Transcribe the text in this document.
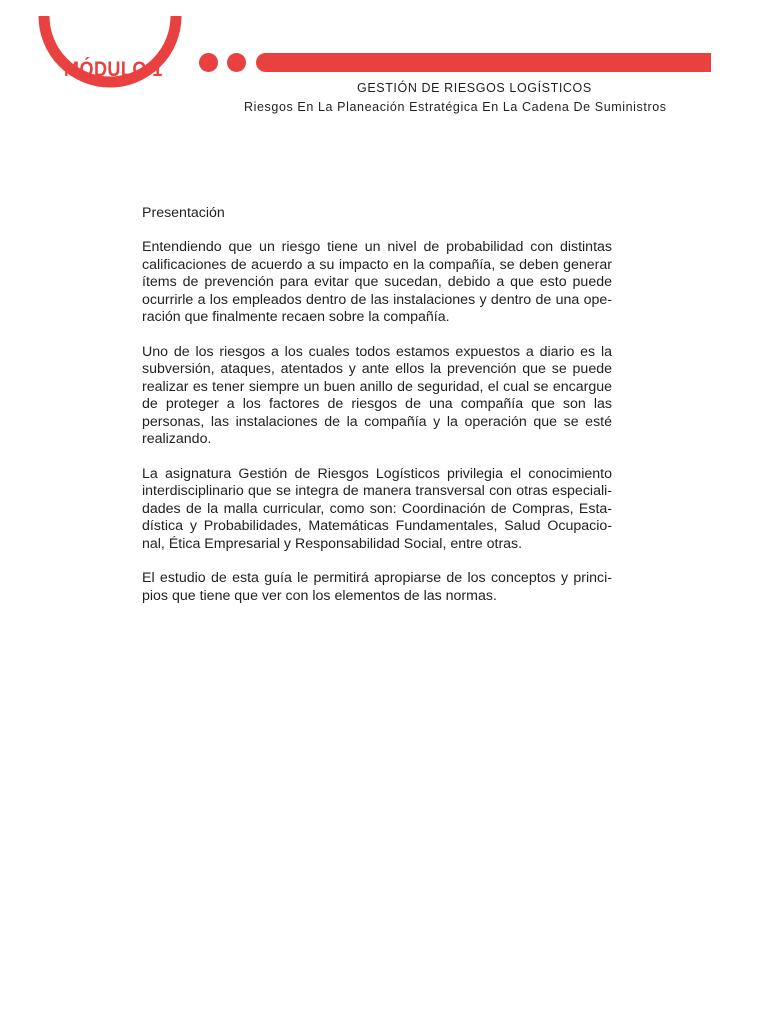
MÓDULO 1
GESTIÓN DE RIESGOS LOGÍSTICOS
Riesgos En La Planeación Estratégica En La Cadena De Suministros
Presentación

Entendiendo que un riesgo tiene un nivel de probabilidad con distintas calificaciones de acuerdo a su impacto en la compañía, se deben generar ítems de prevención para evitar que sucedan, debido a que esto puede ocurrirle a los empleados dentro de las instalaciones y dentro de una ope-ración que finalmente recaen sobre la compañía.

Uno de los riesgos a los cuales todos estamos expuestos a diario es la subversión, ataques, atentados y ante ellos la prevención que se puede realizar es tener siempre un buen anillo de seguridad, el cual se encargue de proteger a los factores de riesgos de una compañía que son las personas, las instalaciones de la compañía y la operación que se esté realizando.

La asignatura Gestión de Riesgos Logísticos privilegia el conocimiento interdisciplinario que se integra de manera transversal con otras especiali-dades de la malla curricular, como son: Coordinación de Compras, Esta-dística y Probabilidades, Matemáticas Fundamentales, Salud Ocupacio-nal, Ética Empresarial y Responsabilidad Social, entre otras.

El estudio de esta guía le permitirá apropiarse de los conceptos y princi-pios que tiene que ver con los elementos de las normas.
